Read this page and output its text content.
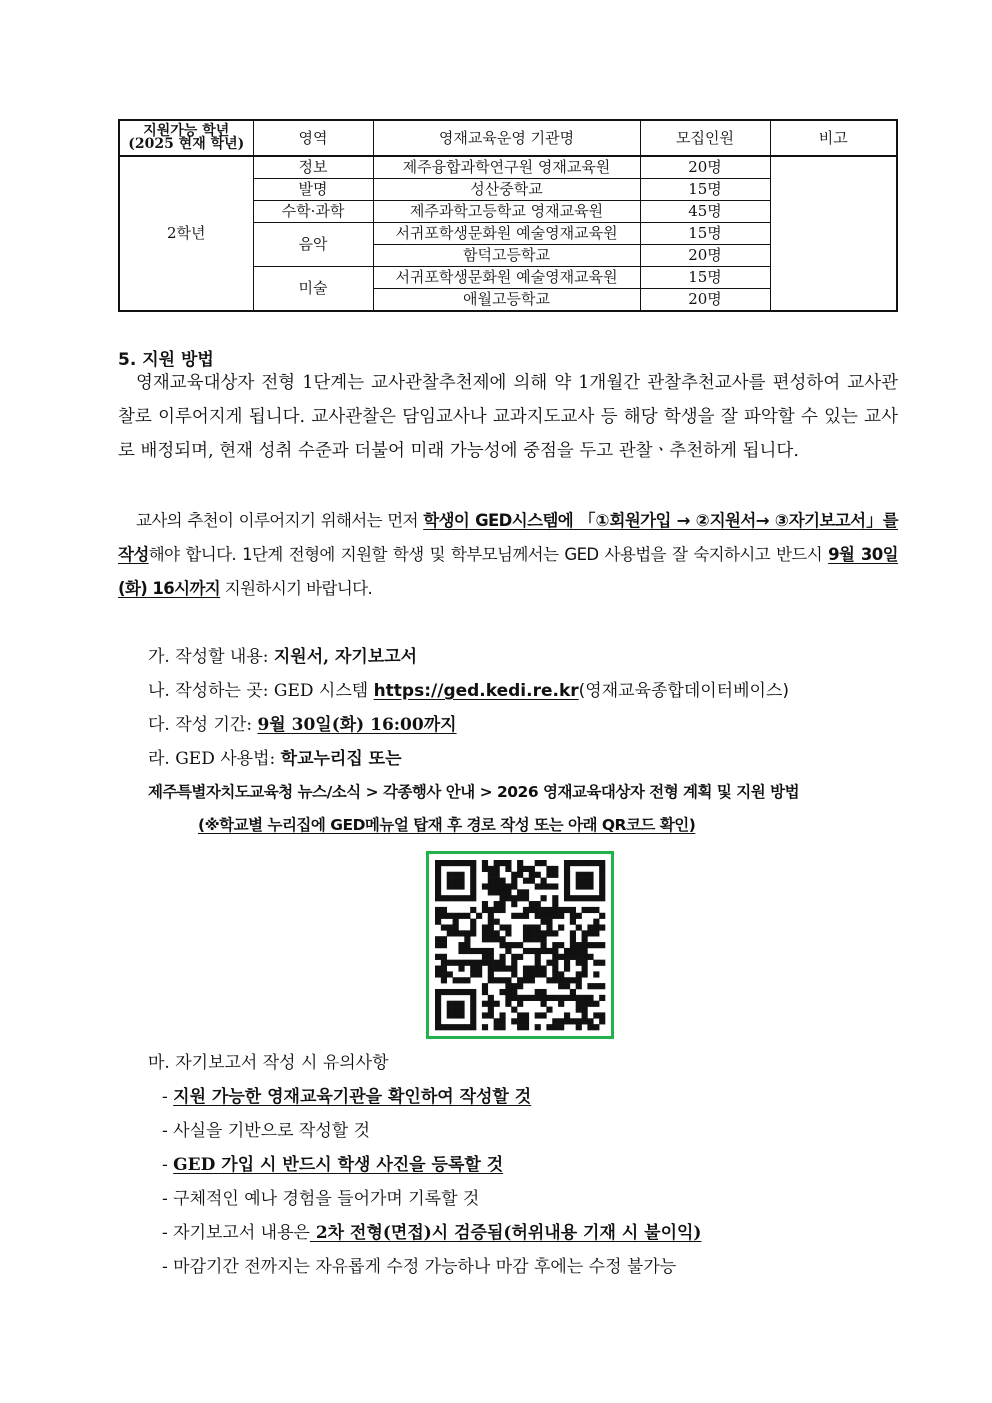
지원가능 학년
(2025 현재 학년)	영역	영재교육운영 기관명	모집인원	비고
2학년	정보	제주융합과학연구원 영재교육원	20명	
	발명	성산중학교	15명	
	수학·과학	제주과학고등학교 영재교육원	45명	
	음악	서귀포학생문화원 예술영재교육원	15명	
		함덕고등학교	20명	
	미술	서귀포학생문화원 예술영재교육원	15명	
		애월고등학교	20명	
5. 지원 방법
영재교육대상자 전형 1단계는 교사관찰추천제에 의해 약 1개월간 관찰추천교사를 편성하여 교사관찰로 이루어지게 됩니다. 교사관찰은 담임교사나 교과지도교사 등 해당 학생을 잘 파악할 수 있는 교사로 배정되며, 현재 성취 수준과 더불어 미래 가능성에 중점을 두고 관찰ㆍ추천하게 됩니다.
교사의 추천이 이루어지기 위해서는 먼저 학생이 GED시스템에 「①회원가입 → ②지원서→ ③자기보고서」를 작성해야 합니다. 1단계 전형에 지원할 학생 및 학부모님께서는 GED 사용법을 잘 숙지하시고 반드시 9월 30일(화) 16시까지 지원하시기 바랍니다.
가. 작성할 내용: 지원서, 자기보고서
나. 작성하는 곳: GED 시스템 https://ged.kedi.re.kr(영재교육종합데이터베이스)
다. 작성 기간: 9월 30일(화) 16:00까지
라. GED 사용법: 학교누리집 또는
제주특별자치도교육청 뉴스/소식 > 각종행사 안내 > 2026 영재교육대상자 전형 계획 및 지원 방법
(※학교별 누리집에 GED메뉴얼 탑재 후 경로 작성 또는 아래 QR코드 확인)
마. 자기보고서 작성 시 유의사항
- 지원 가능한 영재교육기관을 확인하여 작성할 것
- 사실을 기반으로 작성할 것
- GED 가입 시 반드시 학생 사진을 등록할 것
- 구체적인 예나 경험을 들어가며 기록할 것
- 자기보고서 내용은 2차 전형(면접)시 검증됨(허위내용 기재 시 불이익)
- 마감기간 전까지는 자유롭게 수정 가능하나 마감 후에는 수정 불가능
